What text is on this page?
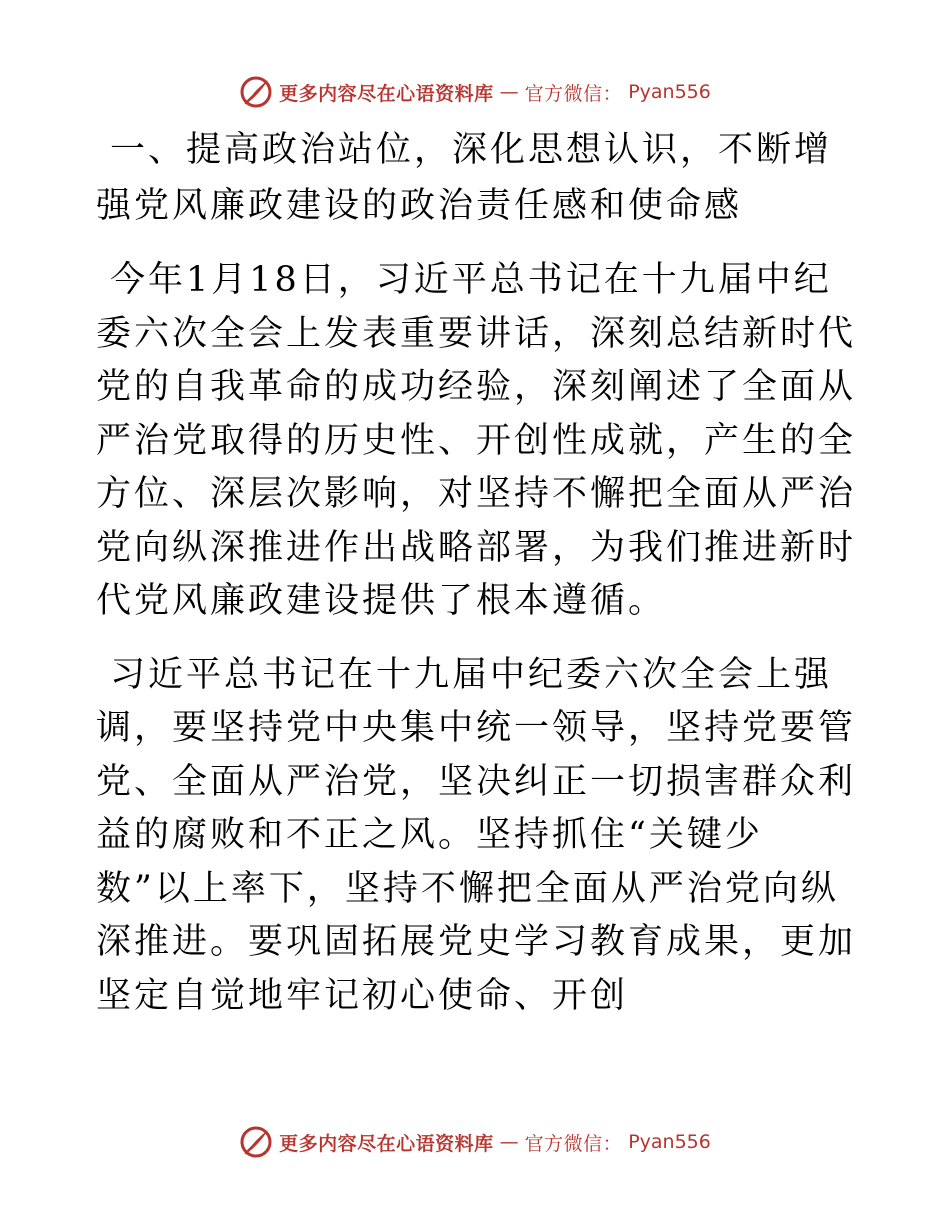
更多内容尽在心语资料库 — 官方微信： Pyan556
一、提高政治站位，深化思想认识，不断增强党风廉政建设的政治责任感和使命感

今年1月18日，习近平总书记在十九届中纪委六次全会上发表重要讲话，深刻总结新时代党的自我革命的成功经验，深刻阐述了全面从严治党取得的历史性、开创性成就，产生的全方位、深层次影响，对坚持不懈把全面从严治党向纵深推进作出战略部署，为我们推进新时代党风廉政建设提供了根本遵循。

习近平总书记在十九届中纪委六次全会上强调，要坚持党中央集中统一领导，坚持党要管党、全面从严治党，坚决纠正一切损害群众利益的腐败和不正之风。坚持抓住“关键少数”以上率下，坚持不懈把全面从严治党向纵深推进。要巩固拓展党史学习教育成果，更加坚定自觉地牢记初心使命、开创

更多内容尽在心语资料库 — 官方微信： Pyan556
